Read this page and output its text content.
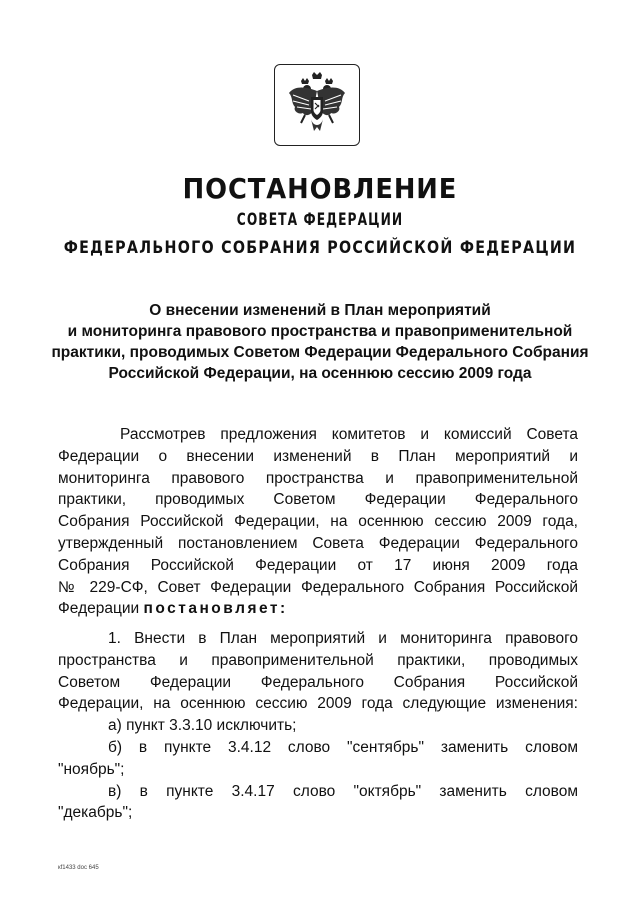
ПОСТАНОВЛЕНИЕ
СОВЕТА ФЕДЕРАЦИИ
ФЕДЕРАЛЬНОГО СОБРАНИЯ РОССИЙСКОЙ ФЕДЕРАЦИИ
О внесении изменений в План мероприятий
и мониторинга правового пространства и правоприменительной
практики, проводимых Советом Федерации Федерального Собрания
Российской Федерации, на осеннюю сессию 2009 года
Рассмотрев предложения комитетов и комиссий Совета
Федерации о внесении изменений в План мероприятий и
мониторинга правового пространства и правоприменительной
практики, проводимых Советом Федерации Федерального
Собрания Российской Федерации, на осеннюю сессию 2009 года,
утвержденный постановлением Совета Федерации Федерального
Собрания Российской Федерации от 17 июня 2009 года
№ 229-СФ, Совет Федерации Федерального Собрания Российской
Федерации постановляет:
1. Внести в План мероприятий и мониторинга правового
пространства и правоприменительной практики, проводимых
Советом Федерации Федерального Собрания Российской
Федерации, на осеннюю сессию 2009 года следующие изменения:
а) пункт 3.3.10 исключить;
б) в пункте 3.4.12 слово "сентябрь" заменить словом
"ноябрь";
в) в пункте 3.4.17 слово "октябрь" заменить словом
"декабрь";
кf1433 doc 645
